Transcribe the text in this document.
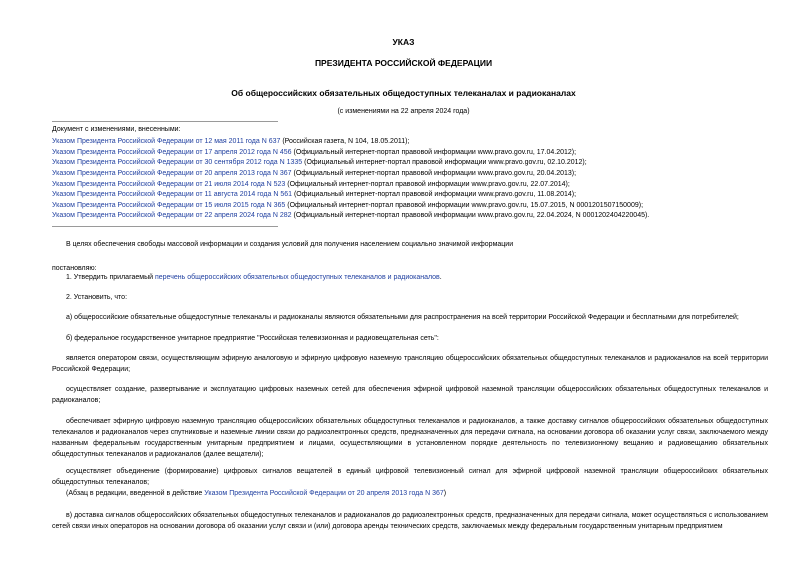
УКАЗ
ПРЕЗИДЕНТА РОССИЙСКОЙ ФЕДЕРАЦИИ
Об общероссийских обязательных общедоступных телеканалах и радиоканалах
(с изменениями на 22 апреля 2024 года)
Документ с изменениями, внесенными:
Указом Президента Российской Федерации от 12 мая 2011 года N 637 (Российская газета, N 104, 18.05.2011);
Указом Президента Российской Федерации от 17 апреля 2012 года N 456 (Официальный интернет-портал правовой информации www.pravo.gov.ru, 17.04.2012);
Указом Президента Российской Федерации от 30 сентября 2012 года N 1335 (Официальный интернет-портал правовой информации www.pravo.gov.ru, 02.10.2012);
Указом Президента Российской Федерации от 20 апреля 2013 года N 367 (Официальный интернет-портал правовой информации www.pravo.gov.ru, 20.04.2013);
Указом Президента Российской Федерации от 21 июля 2014 года N 523 (Официальный интернет-портал правовой информации www.pravo.gov.ru, 22.07.2014);
Указом Президента Российской Федерации от 11 августа 2014 года N 561 (Официальный интернет-портал правовой информации www.pravo.gov.ru, 11.08.2014);
Указом Президента Российской Федерации от 15 июля 2015 года N 365 (Официальный интернет-портал правовой информации www.pravo.gov.ru, 15.07.2015, N 0001201507150009);
Указом Президента Российской Федерации от 22 апреля 2024 года N 282 (Официальный интернет-портал правовой информации www.pravo.gov.ru, 22.04.2024, N 0001202404220045).
В целях обеспечения свободы массовой информации и создания условий для получения населением социально значимой информации
постановляю:
1. Утвердить прилагаемый перечень общероссийских обязательных общедоступных телеканалов и радиоканалов.
2. Установить, что:
а) общероссийские обязательные общедоступные телеканалы и радиоканалы являются обязательными для распространения на всей территории Российской Федерации и бесплатными для потребителей;
б) федеральное государственное унитарное предприятие "Российская телевизионная и радиовещательная сеть":
является оператором связи, осуществляющим эфирную аналоговую и эфирную цифровую наземную трансляцию общероссийских обязательных общедоступных телеканалов и радиоканалов на всей территории Российской Федерации;
осуществляет создание, развертывание и эксплуатацию цифровых наземных сетей для обеспечения эфирной цифровой наземной трансляции общероссийских обязательных общедоступных телеканалов и радиоканалов;
обеспечивает эфирную цифровую наземную трансляцию общероссийских обязательных общедоступных телеканалов и радиоканалов, а также доставку сигналов общероссийских обязательных общедоступных телеканалов и радиоканалов через спутниковые и наземные линии связи до радиоэлектронных средств, предназначенных для передачи сигнала, на основании договора об оказании услуг связи, заключаемого между названным федеральным государственным унитарным предприятием и лицами, осуществляющими в установленном порядке деятельность по телевизионному вещанию и радиовещанию обязательных общедоступных телеканалов и радиоканалов (далее вещатели);
осуществляет объединение (формирование) цифровых сигналов вещателей в единый цифровой телевизионный сигнал для эфирной цифровой наземной трансляции общероссийских обязательных общедоступных телеканалов;
(Абзац в редакции, введенной в действие Указом Президента Российской Федерации от 20 апреля 2013 года N 367)
в) доставка сигналов общероссийских обязательных общедоступных телеканалов и радиоканалов до радиоэлектронных средств, предназначенных для передачи сигнала, может осуществляться с использованием сетей связи иных операторов на основании договора об оказании услуг связи и (или) договора аренды технических средств, заключаемых между федеральным государственным унитарным предприятием
